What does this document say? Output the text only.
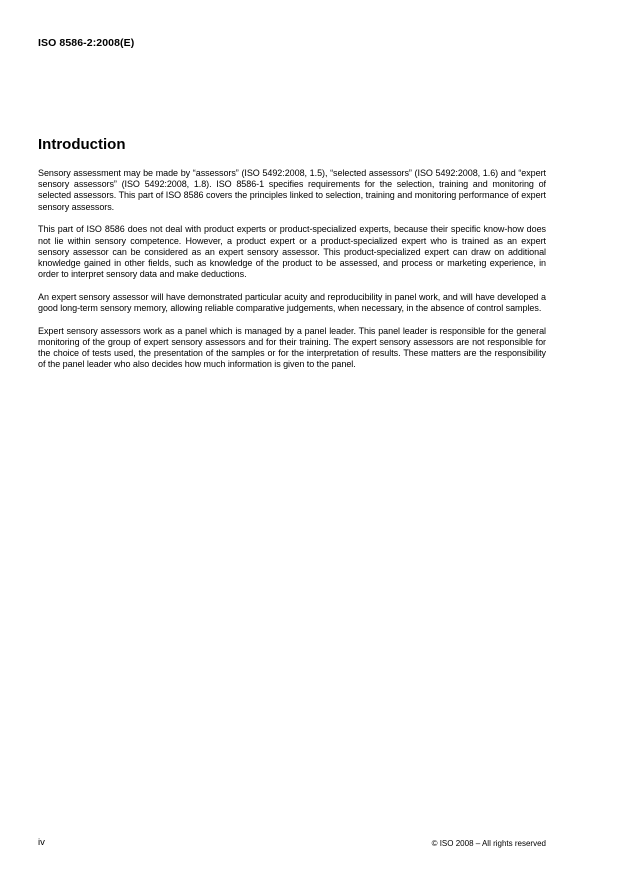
ISO 8586-2:2008(E)
Introduction

Sensory assessment may be made by “assessors” (ISO 5492:2008, 1.5), “selected assessors” (ISO 5492:2008, 1.6) and “expert sensory assessors” (ISO 5492:2008, 1.8). ISO 8586-1 specifies requirements for the selection, training and monitoring of selected assessors. This part of ISO 8586 covers the principles linked to selection, training and monitoring performance of expert sensory assessors.

This part of ISO 8586 does not deal with product experts or product-specialized experts, because their specific know-how does not lie within sensory competence. However, a product expert or a product-specialized expert who is trained as an expert sensory assessor can be considered as an expert sensory assessor. This product-specialized expert can draw on additional knowledge gained in other fields, such as knowledge of the product to be assessed, and process or marketing experience, in order to interpret sensory data and make deductions.

An expert sensory assessor will have demonstrated particular acuity and reproducibility in panel work, and will have developed a good long-term sensory memory, allowing reliable comparative judgements, when necessary, in the absence of control samples.

Expert sensory assessors work as a panel which is managed by a panel leader. This panel leader is responsible for the general monitoring of the group of expert sensory assessors and for their training. The expert sensory assessors are not responsible for the choice of tests used, the presentation of the samples or for the interpretation of results. These matters are the responsibility of the panel leader who also decides how much information is given to the panel.

iv	© ISO 2008 – All rights reserved
